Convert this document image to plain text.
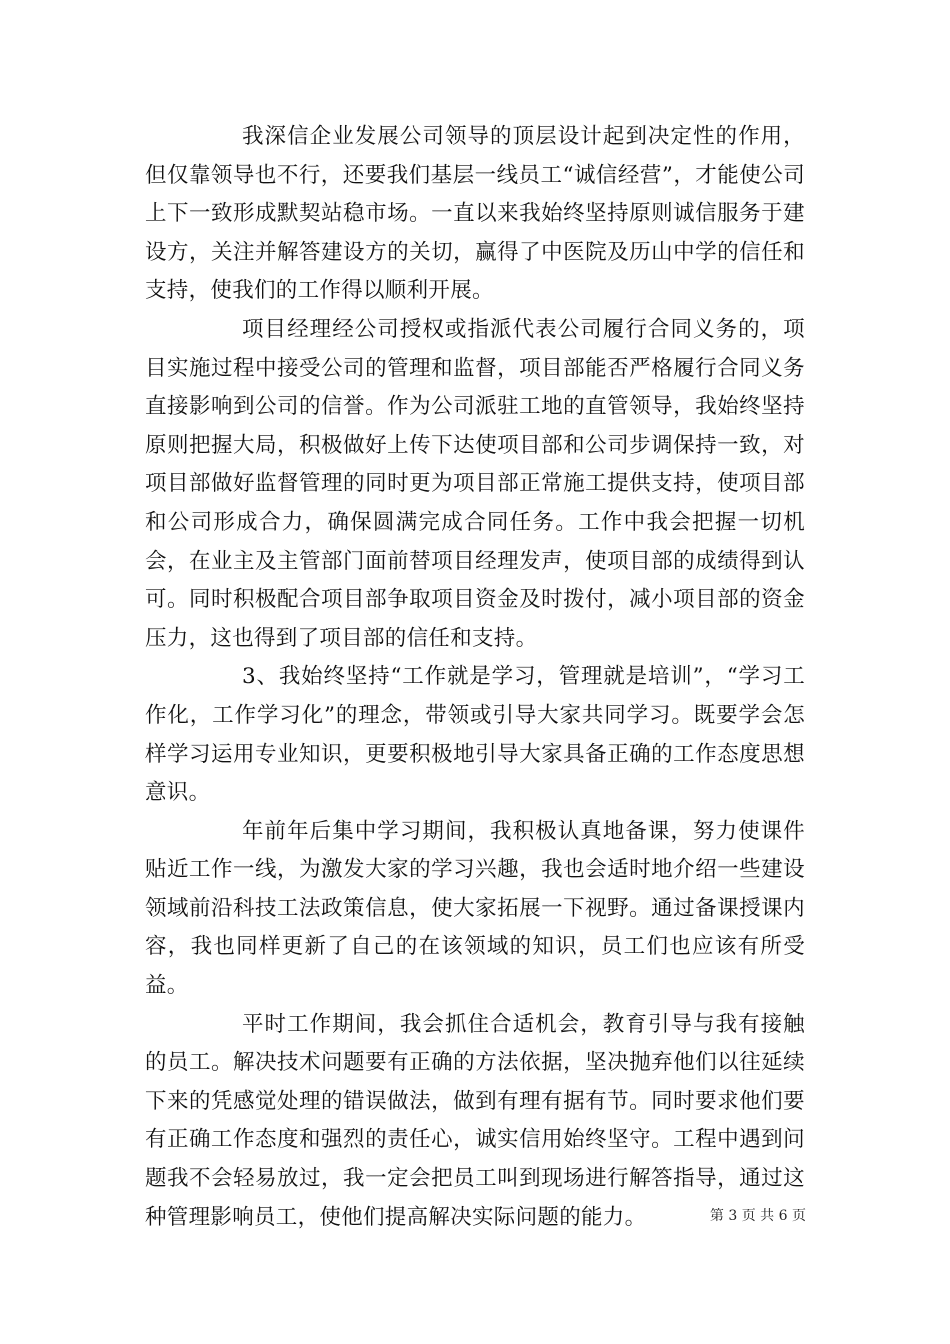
我深信企业发展公司领导的顶层设计起到决定性的作用，但仅靠领导也不行，还要我们基层一线员工“诚信经营”，才能使公司上下一致形成默契站稳市场。一直以来我始终坚持原则诚信服务于建设方，关注并解答建设方的关切，赢得了中医院及历山中学的信任和支持，使我们的工作得以顺利开展。

项目经理经公司授权或指派代表公司履行合同义务的，项目实施过程中接受公司的管理和监督，项目部能否严格履行合同义务直接影响到公司的信誉。作为公司派驻工地的直管领导，我始终坚持原则把握大局，积极做好上传下达使项目部和公司步调保持一致，对项目部做好监督管理的同时更为项目部正常施工提供支持，使项目部和公司形成合力，确保圆满完成合同任务。工作中我会把握一切机会，在业主及主管部门面前替项目经理发声，使项目部的成绩得到认可。同时积极配合项目部争取项目资金及时拨付，减小项目部的资金压力，这也得到了项目部的信任和支持。

3、我始终坚持“工作就是学习，管理就是培训”，“学习工作化，工作学习化”的理念，带领或引导大家共同学习。既要学会怎样学习运用专业知识，更要积极地引导大家具备正确的工作态度思想意识。

年前年后集中学习期间，我积极认真地备课，努力使课件贴近工作一线，为激发大家的学习兴趣，我也会适时地介绍一些建设领域前沿科技工法政策信息，使大家拓展一下视野。通过备课授课内容，我也同样更新了自己的在该领域的知识，员工们也应该有所受益。

平时工作期间，我会抓住合适机会，教育引导与我有接触的员工。解决技术问题要有正确的方法依据，坚决抛弃他们以往延续下来的凭感觉处理的错误做法，做到有理有据有节。同时要求他们要有正确工作态度和强烈的责任心，诚实信用始终坚守。工程中遇到问题我不会轻易放过，我一定会把员工叫到现场进行解答指导，通过这种管理影响员工，使他们提高解决实际问题的能力。	第 3 页 共 6 页
